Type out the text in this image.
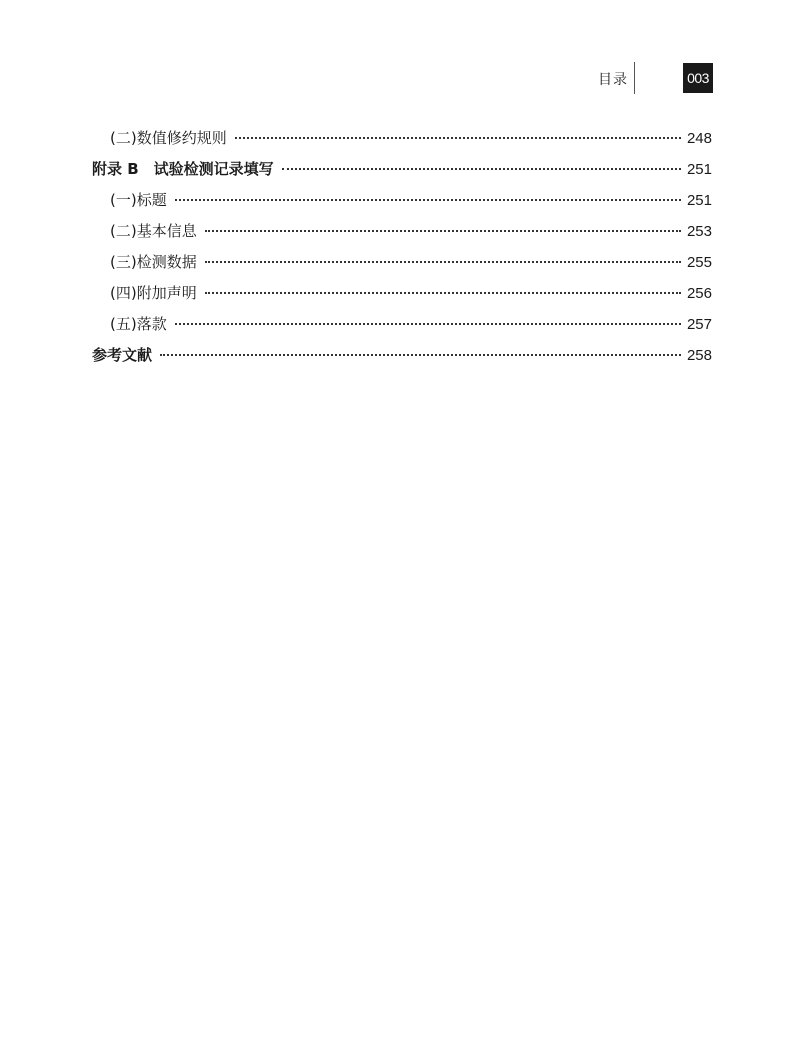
目录	003
(二)数值修约规则	248
附录 B　试验检测记录填写	251
(一)标题	251
(二)基本信息	253
(三)检测数据	255
(四)附加声明	256
(五)落款	257
参考文献	258
